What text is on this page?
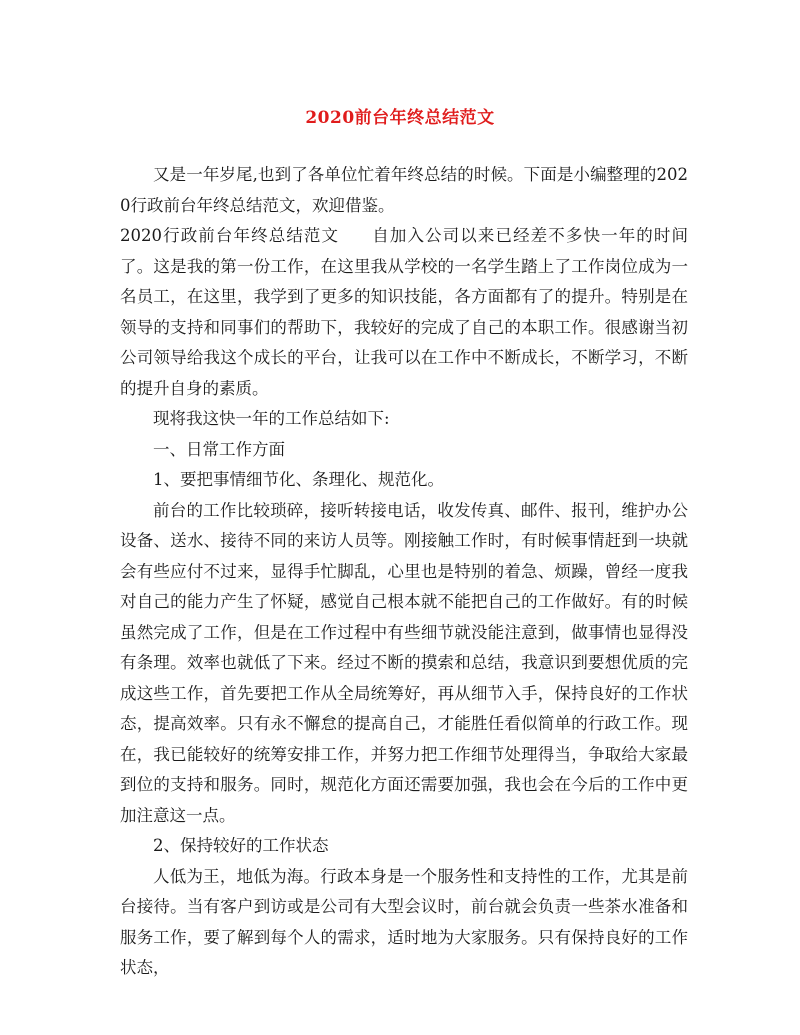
2020前台年终总结范文

又是一年岁尾,也到了各单位忙着年终总结的时候。下面是小编整理的2020行政前台年终总结范文，欢迎借鉴。

2020行政前台年终总结范文 自加入公司以来已经差不多快一年的时间了。这是我的第一份工作，在这里我从学校的一名学生踏上了工作岗位成为一名员工，在这里，我学到了更多的知识技能，各方面都有了的提升。特别是在领导的支持和同事们的帮助下，我较好的完成了自己的本职工作。很感谢当初公司领导给我这个成长的平台，让我可以在工作中不断成长，不断学习，不断的提升自身的素质。

现将我这快一年的工作总结如下:

一、日常工作方面

1、要把事情细节化、条理化、规范化。

前台的工作比较琐碎，接听转接电话，收发传真、邮件、报刊，维护办公设备、送水、接待不同的来访人员等。刚接触工作时，有时候事情赶到一块就会有些应付不过来，显得手忙脚乱，心里也是特别的着急、烦躁，曾经一度我对自己的能力产生了怀疑，感觉自己根本就不能把自己的工作做好。有的时候虽然完成了工作，但是在工作过程中有些细节就没能注意到，做事情也显得没有条理。效率也就低了下来。经过不断的摸索和总结，我意识到要想优质的完成这些工作，首先要把工作从全局统筹好，再从细节入手，保持良好的工作状态，提高效率。只有永不懈怠的提高自己，才能胜任看似简单的行政工作。现在，我已能较好的统筹安排工作，并努力把工作细节处理得当，争取给大家最到位的支持和服务。同时，规范化方面还需要加强，我也会在今后的工作中更加注意这一点。

2、保持较好的工作状态

人低为王，地低为海。行政本身是一个服务性和支持性的工作，尤其是前台接待。当有客户到访或是公司有大型会议时，前台就会负责一些茶水准备和服务工作，要了解到每个人的需求，适时地为大家服务。只有保持良好的工作状态，
